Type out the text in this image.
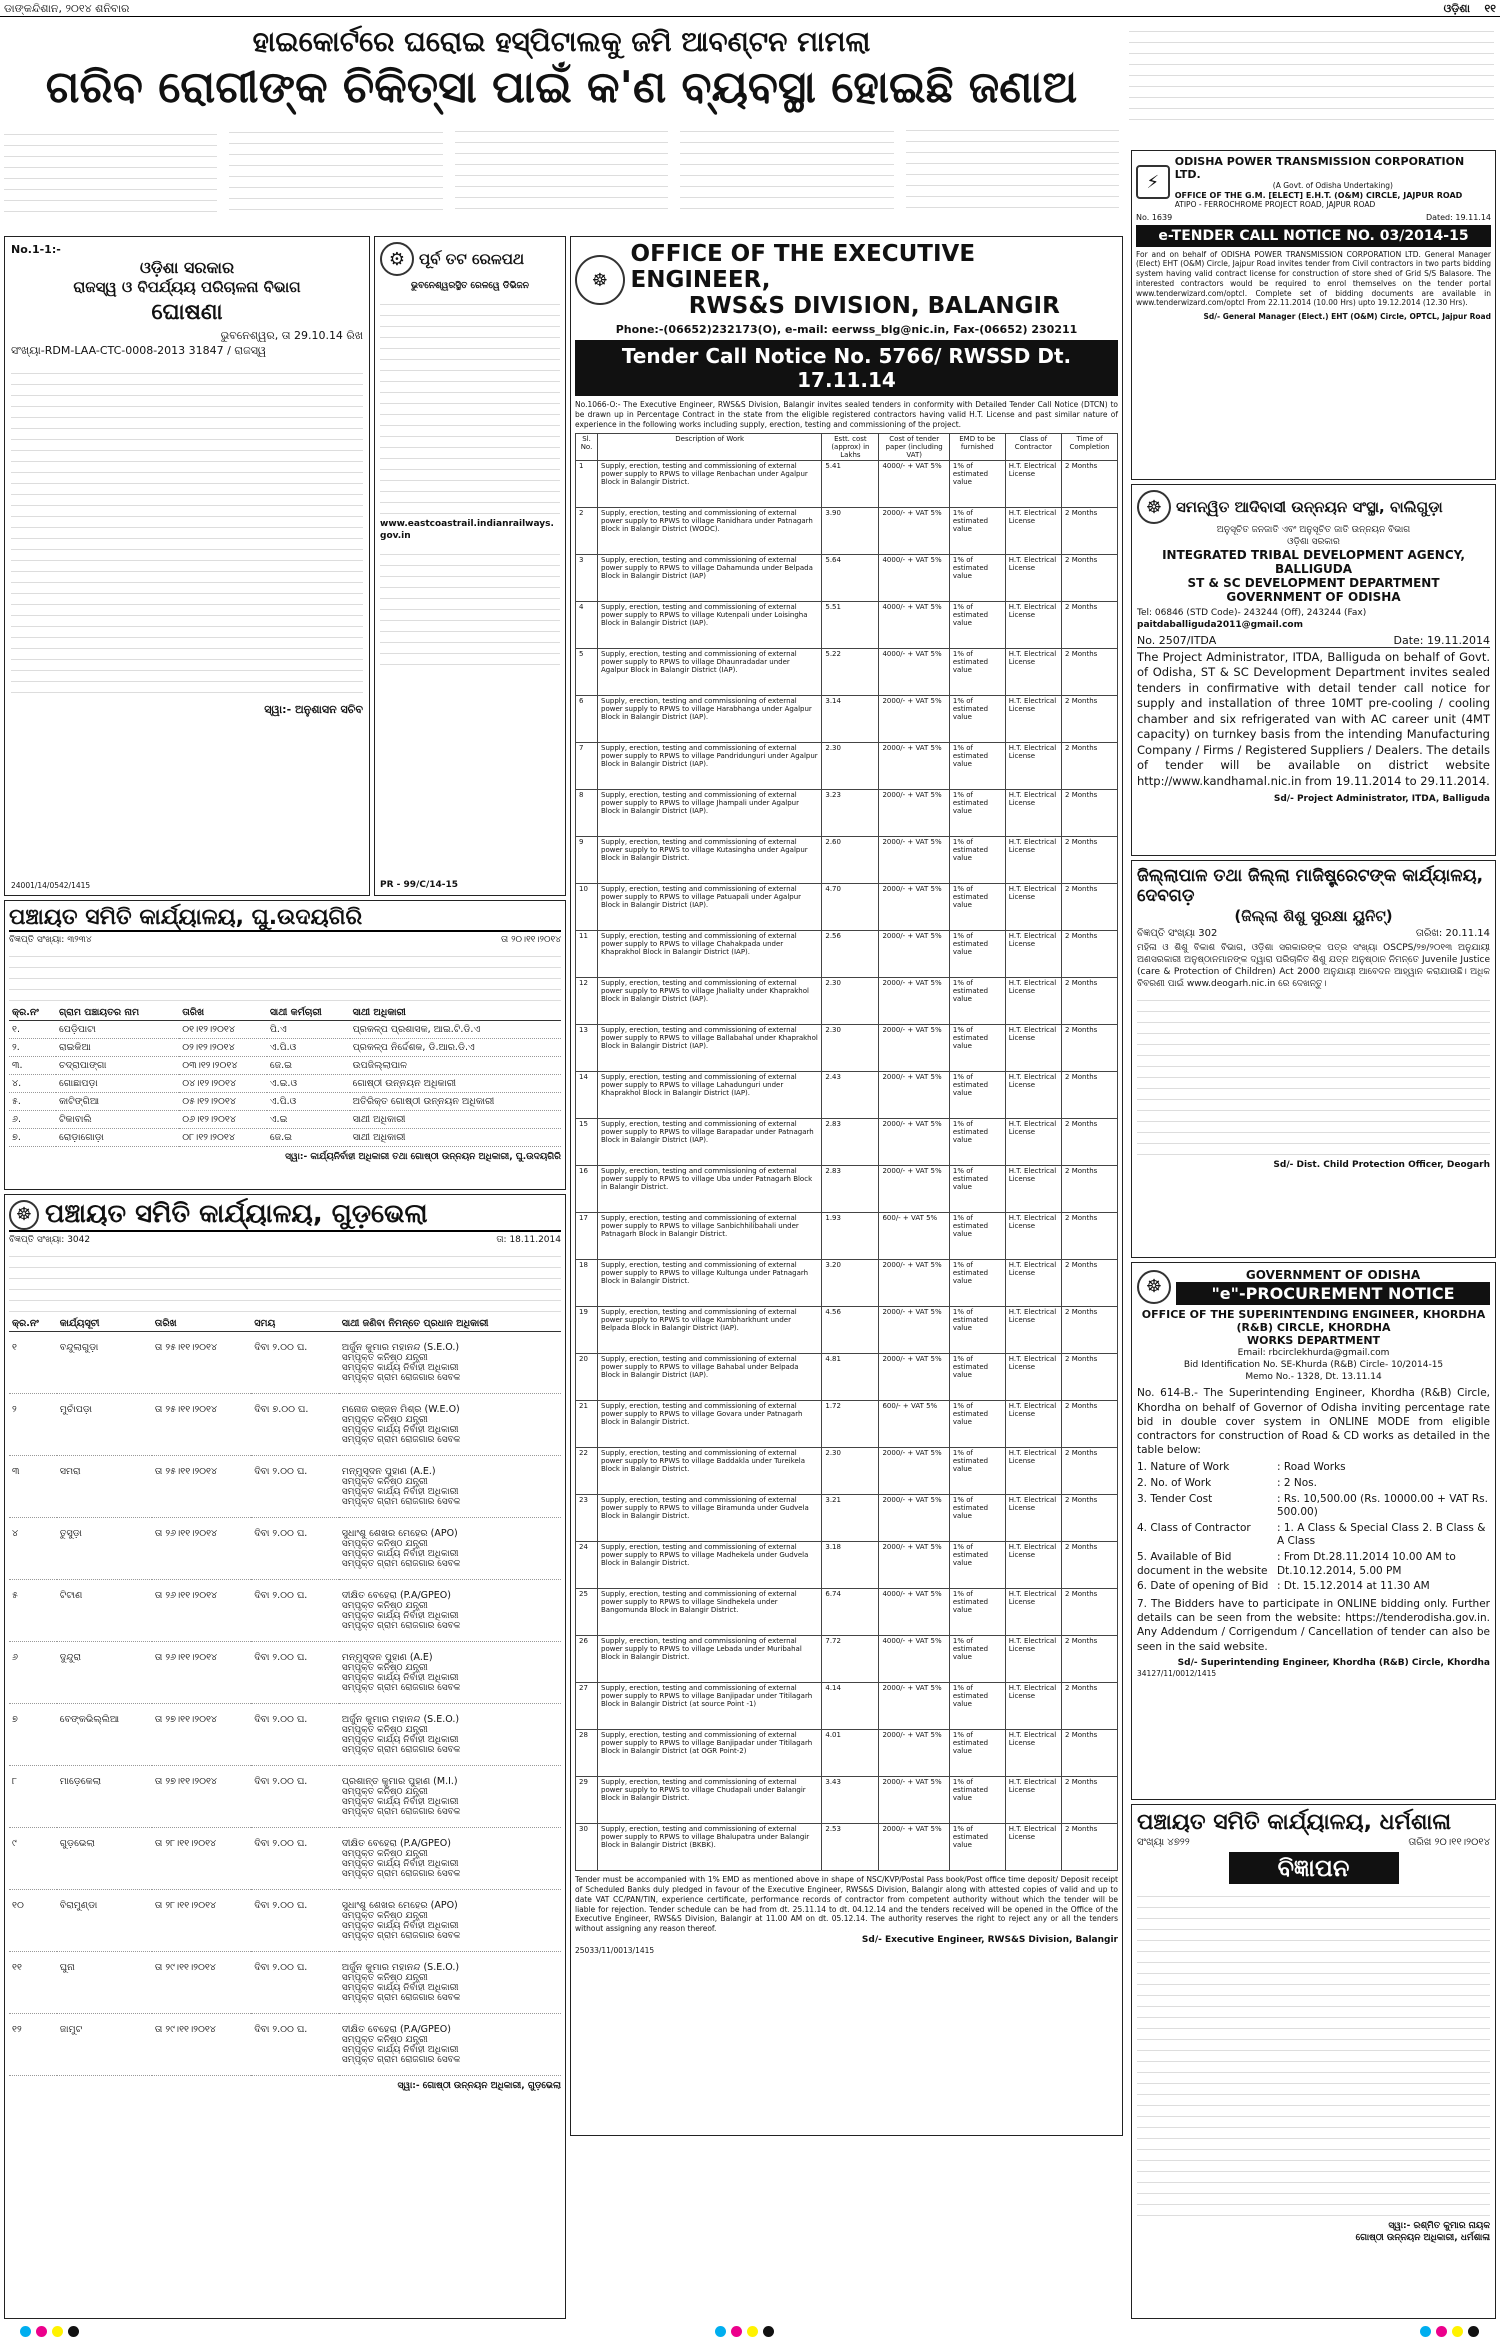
ଡାଙ୍କନ୍ଦିଶାନ, ୨୦୧୪ ଶନିବାର	ଓଡ଼ିଶା ୧୧
ହାଇକୋର୍ଟରେ ଘରୋଇ ହସ୍ପିଟାଲକୁ ଜମି ଆବଣ୍ଟନ ମାମଲା
ଗରିବ ରୋଗୀଙ୍କ ଚିକିତ୍ସା ପାଇଁ କ'ଣ ବ୍ୟବସ୍ଥା ହୋଇଛି ଜଣାଅ
No.1-1:-
ଓଡ଼ିଶା ସରକାର
ରାଜସ୍ୱ ଓ ବିପର୍ଯ୍ୟୟ ପରିଚାଳନା ବିଭାଗ
ଘୋଷଣା
ଭୁବନେଶ୍ୱର, ତା 29.10.14 ରିଖ
ସଂଖ୍ୟା-RDM-LAA-CTC-0008-2013 31847 / ରାଜସ୍ୱ
ସ୍ୱା:- ଅନୁଶାସନ ସଚିବ
24001/14/0542/1415
⚙ ପୂର୍ବ ତଟ ରେଳପଥ
ଭୁବନେଶ୍ୱରସ୍ଥିତ ରେଳୱେ ଡିଭିଜନ
www.eastcoastrail.indianrailways.gov.in
PR - 99/C/14-15
☸
OFFICE OF THE EXECUTIVE ENGINEER,
RWS&S DIVISION, BALANGIR
Phone:-(06652)232173(O), e-mail: eerwss_blg@nic.in, Fax-(06652) 230211
Tender Call Notice No. 5766/ RWSSD Dt. 17.11.14
No.1066-O:- The Executive Engineer, RWS&S Division, Balangir invites sealed tenders in conformity with Detailed Tender Call Notice (DTCN) to be drawn up in Percentage Contract in the state from the eligible registered contractors having valid H.T. License and past similar nature of experience in the following works including supply, erection, testing and commissioning of the project.
Sl. No.	Description of Work	Estt. cost (approx) in Lakhs	Cost of tender paper (including VAT)	EMD to be furnished	Class of Contractor	Time of Completion
1	Supply, erection, testing and commissioning of external power supply to RPWS to village Renbachan under Agalpur Block in Balangir District.	5.41	4000/- + VAT 5%	1% of estimated value	H.T. Electrical License	2 Months
2	Supply, erection, testing and commissioning of external power supply to RPWS to village Ranidhara under Patnagarh Block in Balangir District (WODC).	3.90	2000/- + VAT 5%	1% of estimated value	H.T. Electrical License	2 Months
3	Supply, erection, testing and commissioning of external power supply to RPWS to village Dahamunda under Belpada Block in Balangir District (IAP)	5.64	4000/- + VAT 5%	1% of estimated value	H.T. Electrical License	2 Months
4	Supply, erection, testing and commissioning of external power supply to RPWS to village Kutenpali under Loisingha Block in Balangir District (IAP).	5.51	4000/- + VAT 5%	1% of estimated value	H.T. Electrical License	2 Months
5	Supply, erection, testing and commissioning of external power supply to RPWS to village Dhaunradadar under Agalpur Block in Balangir District (IAP).	5.22	4000/- + VAT 5%	1% of estimated value	H.T. Electrical License	2 Months
6	Supply, erection, testing and commissioning of external power supply to RPWS to village Harabhanga under Agalpur Block in Balangir District (IAP).	3.14	2000/- + VAT 5%	1% of estimated value	H.T. Electrical License	2 Months
7	Supply, erection, testing and commissioning of external power supply to RPWS to village Pandridunguri under Agalpur Block in Balangir District (IAP).	2.30	2000/- + VAT 5%	1% of estimated value	H.T. Electrical License	2 Months
8	Supply, erection, testing and commissioning of external power supply to RPWS to village Jhampali under Agalpur Block in Balangir District (IAP).	3.23	2000/- + VAT 5%	1% of estimated value	H.T. Electrical License	2 Months
9	Supply, erection, testing and commissioning of external power supply to RPWS to village Kutasingha under Agalpur Block in Balangir District.	2.60	2000/- + VAT 5%	1% of estimated value	H.T. Electrical License	2 Months
10	Supply, erection, testing and commissioning of external power supply to RPWS to village Patuapali under Agalpur Block in Balangir District (IAP).	4.70	2000/- + VAT 5%	1% of estimated value	H.T. Electrical License	2 Months
11	Supply, erection, testing and commissioning of external power supply to RPWS to village Chahakpada under Khaprakhol Block in Balangir District (IAP).	2.56	2000/- + VAT 5%	1% of estimated value	H.T. Electrical License	2 Months
12	Supply, erection, testing and commissioning of external power supply to RPWS to village Jhalialty under Khaprakhol Block in Balangir District (IAP).	2.30	2000/- + VAT 5%	1% of estimated value	H.T. Electrical License	2 Months
13	Supply, erection, testing and commissioning of external power supply to RPWS to village Ballabahal under Khaprakhol Block in Balangir District (IAP).	2.30	2000/- + VAT 5%	1% of estimated value	H.T. Electrical License	2 Months
14	Supply, erection, testing and commissioning of external power supply to RPWS to village Lahadunguri under Khaprakhol Block in Balangir District (IAP).	2.43	2000/- + VAT 5%	1% of estimated value	H.T. Electrical License	2 Months
15	Supply, erection, testing and commissioning of external power supply to RPWS to village Barapadar under Patnagarh Block in Balangir District (IAP).	2.83	2000/- + VAT 5%	1% of estimated value	H.T. Electrical License	2 Months
16	Supply, erection, testing and commissioning of external power supply to RPWS to village Uba under Patnagarh Block in Balangir District.	2.83	2000/- + VAT 5%	1% of estimated value	H.T. Electrical License	2 Months
17	Supply, erection, testing and commissioning of external power supply to RPWS to village Sanbichhilibahali under Patnagarh Block in Balangir District.	1.93	600/- + VAT 5%	1% of estimated value	H.T. Electrical License	2 Months
18	Supply, erection, testing and commissioning of external power supply to RPWS to village Kultunga under Patnagarh Block in Balangir District.	3.20	2000/- + VAT 5%	1% of estimated value	H.T. Electrical License	2 Months
19	Supply, erection, testing and commissioning of external power supply to RPWS to village Kumbharkhunt under Belpada Block in Balangir District (IAP).	4.56	2000/- + VAT 5%	1% of estimated value	H.T. Electrical License	2 Months
20	Supply, erection, testing and commissioning of external power supply to RPWS to village Bahabal under Belpada Block in Balangir District (IAP).	4.81	2000/- + VAT 5%	1% of estimated value	H.T. Electrical License	2 Months
21	Supply, erection, testing and commissioning of external power supply to RPWS to village Govara under Patnagarh Block in Balangir District.	1.72	600/- + VAT 5%	1% of estimated value	H.T. Electrical License	2 Months
22	Supply, erection, testing and commissioning of external power supply to RPWS to village Baddakla under Tureikela Block in Balangir District.	2.30	2000/- + VAT 5%	1% of estimated value	H.T. Electrical License	2 Months
23	Supply, erection, testing and commissioning of external power supply to RPWS to village Biramunda under Gudvela Block in Balangir District.	3.21	2000/- + VAT 5%	1% of estimated value	H.T. Electrical License	2 Months
24	Supply, erection, testing and commissioning of external power supply to RPWS to village Madhekela under Gudvela Block in Balangir District.	3.18	2000/- + VAT 5%	1% of estimated value	H.T. Electrical License	2 Months
25	Supply, erection, testing and commissioning of external power supply to RPWS to village Sindhekela under Bangomunda Block in Balangir District.	6.74	4000/- + VAT 5%	1% of estimated value	H.T. Electrical License	2 Months
26	Supply, erection, testing and commissioning of external power supply to RPWS to village Lebada under Muribahal Block in Balangir District.	7.72	4000/- + VAT 5%	1% of estimated value	H.T. Electrical License	2 Months
27	Supply, erection, testing and commissioning of external power supply to RPWS to village Banjipadar under Titilagarh Block in Balangir District (at source Point -1)	4.14	2000/- + VAT 5%	1% of estimated value	H.T. Electrical License	2 Months
28	Supply, erection, testing and commissioning of external power supply to RPWS to village Banjipadar under Titilagarh Block in Balangir District (at OGR Point-2)	4.01	2000/- + VAT 5%	1% of estimated value	H.T. Electrical License	2 Months
29	Supply, erection, testing and commissioning of external power supply to RPWS to village Chudapali under Balangir Block in Balangir District.	3.43	2000/- + VAT 5%	1% of estimated value	H.T. Electrical License	2 Months
30	Supply, erection, testing and commissioning of external power supply to RPWS to village Bhalupatra under Balangir Block in Balangir District (BKBK).	2.53	2000/- + VAT 5%	1% of estimated value	H.T. Electrical License	2 Months
Tender must be accompanied with 1% EMD as mentioned above in shape of NSC/KVP/Postal Pass book/Post office time deposit/ Deposit receipt of Scheduled Banks duly pledged in favour of the Executive Engineer, RWS&S Division, Balangir along with attested copies of valid and up to date VAT CC/PAN/TIN, experience certificate, performance records of contractor from competent authority without which the tender will be liable for rejection. Tender schedule can be had from dt. 25.11.14 to dt. 04.12.14 and the tenders received will be opened in the Office of the Executive Engineer, RWS&S Division, Balangir at 11.00 AM on dt. 05.12.14. The authority reserves the right to reject any or all the tenders without assigning any reason thereof.
Sd/- Executive Engineer, RWS&S Division, Balangir
25033/11/0013/1415
ପଞ୍ଚାୟତ ସମିତି କାର୍ଯ୍ୟାଳୟ, ଘୁ.ଉଦୟଗିରି
ବିଜ୍ଞପ୍ତି ସଂଖ୍ୟା: ୩୨୩୪	ତା ୨୦।୧୧।୨୦୧୪
କ୍ର.ନଂ	ଗ୍ରାମ ପଞ୍ଚାୟତର ନାମ	ତାରିଖ	ସାଥୀ କର୍ମଚାରୀ	ସାଥୀ ଅଧିକାରୀ
୧.	ପେଡ଼ିପାଟା	୦୧।୧୨।୨୦୧୪	ପି.ଏ	ପ୍ରକଳ୍ପ ପ୍ରଶାସକ, ଆଇ.ଟି.ଡି.ଏ
୨.	ରାଇକିଆ	୦୨।୧୨।୨୦୧୪	ଏ.ପି.ଓ	ପ୍ରକଳ୍ପ ନିର୍ଦ୍ଦେଶକ, ଡି.ଆର.ଡି.ଏ
୩.	ଚଦ୍ରାପାଙ୍ଗା	୦୩।୧୨।୨୦୧୪	ଜେ.ଇ	ଉପଜିଲ୍ଲାପାଳ
୪.	ଗୋଛାପଡ଼ା	୦୪।୧୨।୨୦୧୪	ଏ.ଇ.ଓ	ଗୋଷ୍ଠୀ ଉନ୍ନୟନ ଅଧିକାରୀ
୫.	କାଟିଙ୍ଗିଆ	୦୫।୧୨।୨୦୧୪	ଏ.ପି.ଓ	ଅତିରିକ୍ତ ଗୋଷ୍ଠୀ ଉନ୍ନୟନ ଅଧିକାରୀ
୬.	ଟିକାବାଲି	୦୬।୧୨।୨୦୧୪	ଏ.ଇ	ସାଥୀ ଅଧିକାରୀ
୭.	ରୋଡ଼ାଗୋଡ଼ା	୦୮।୧୨।୨୦୧୪	ଜେ.ଇ	ସାଥୀ ଅଧିକାରୀ
ସ୍ୱା:- କାର୍ଯ୍ୟନିର୍ବାହୀ ଅଧିକାରୀ ତଥା ଗୋଷ୍ଠୀ ଉନ୍ନୟନ ଅଧିକାରୀ, ଘୁ.ଉଦୟଗିରି
☸ ପଞ୍ଚାୟତ ସମିତି କାର୍ଯ୍ୟାଳୟ, ଗୁଡ଼ଭେଲା
ବିଜ୍ଞପ୍ତି ସଂଖ୍ୟା: 3042	ତା: 18.11.2014
କ୍ର.ନଂ	କାର୍ଯ୍ୟସୂଚୀ	ତାରିଖ	ସମୟ	ସାଥୀ ଜଣିବା ନିମନ୍ତେ ପ୍ରଧାନ ଅଧିକାରୀ
୧	ବନ୍ଦୁଲାଗୁଡ଼ା	ତା ୨୫।୧୧।୨୦୧୪	ଦିବା ୨.୦୦ ଘ.	ଅର୍ଜୁନ କୁମାର ମହାନନ୍ଦ (S.E.O.)
ସମ୍ପୃକ୍ତ କନିଷ୍ଠ ଯନ୍ତ୍ରୀ
ସମ୍ପୃକ୍ତ କାର୍ଯ୍ୟ ନିର୍ବାହୀ ଅଧିକାରୀ
ସମ୍ପୃକ୍ତ ଗ୍ରାମ ରୋଜଗାର ସେବକ

୨	ମୁଚାଁପଡ଼ା	ତା ୨୫।୧୧।୨୦୧୪	ଦିବା ୭.୦୦ ଘ.	ମନୋଜ ରଞ୍ଜନ ମିଶ୍ର (W.E.O)
ସମ୍ପୃକ୍ତ କନିଷ୍ଠ ଯନ୍ତ୍ରୀ
ସମ୍ପୃକ୍ତ କାର୍ଯ୍ୟ ନିର୍ବାହୀ ଅଧିକାରୀ
ସମ୍ପୃକ୍ତ ଗ୍ରାମ ରୋଜଗାର ସେବକ

୩	ସମରା	ତା ୨୫।୧୧।୨୦୧୪	ଦିବା ୨.୦୦ ଘ.	ମନ୍ମୁସୂଦନ ପୁହାଣ (A.E.)
ସମ୍ପୃକ୍ତ କନିଷ୍ଠ ଯନ୍ତ୍ରୀ
ସମ୍ପୃକ୍ତ କାର୍ଯ୍ୟ ନିର୍ବାହୀ ଅଧିକାରୀ
ସମ୍ପୃକ୍ତ ଗ୍ରାମ ରୋଜଗାର ସେବକ

୪	ତୁସୁଡ଼ା	ତା ୨୬।୧୧।୨୦୧୪	ଦିବା ୨.୦୦ ଘ.	ସୁଧାଂଶୁ ଶେଖର ମେହେର (APO)
ସମ୍ପୃକ୍ତ କନିଷ୍ଠ ଯନ୍ତ୍ରୀ
ସମ୍ପୃକ୍ତ କାର୍ଯ୍ୟ ନିର୍ବାହୀ ଅଧିକାରୀ
ସମ୍ପୃକ୍ତ ଗ୍ରାମ ରୋଜଗାର ସେବକ

୫	ଟିଟାଣ	ତା ୨୬।୧୧।୨୦୧୪	ଦିବା ୨.୦୦ ଘ.	ଦୀକ୍ଷିତ ବେହେରା (P.A/GPEO)
ସମ୍ପୃକ୍ତ କନିଷ୍ଠ ଯନ୍ତ୍ରୀ
ସମ୍ପୃକ୍ତ କାର୍ଯ୍ୟ ନିର୍ବାହୀ ଅଧିକାରୀ
ସମ୍ପୃକ୍ତ ଗ୍ରାମ ରୋଜଗାର ସେବକ

୬	ଦୁନ୍ଦୁରା	ତା ୨୬।୧୧।୨୦୧୪	ଦିବା ୨.୦୦ ଘ.	ମନ୍ମୁସୂଦନ ପୁହାଣ (A.E)
ସମ୍ପୃକ୍ତ କନିଷ୍ଠ ଯନ୍ତ୍ରୀ
ସମ୍ପୃକ୍ତ କାର୍ଯ୍ୟ ନିର୍ବାହୀ ଅଧିକାରୀ
ସମ୍ପୃକ୍ତ ଗ୍ରାମ ରୋଜଗାର ସେବକ

୭	ବେଙ୍କଭିଲ୍ଲିଆ	ତା ୨୭।୧୧।୨୦୧୪	ଦିବା ୨.୦୦ ଘ.	ଅର୍ଜୁନ କୁମାର ମହାନନ୍ଦ (S.E.O.)
ସମ୍ପୃକ୍ତ କନିଷ୍ଠ ଯନ୍ତ୍ରୀ
ସମ୍ପୃକ୍ତ କାର୍ଯ୍ୟ ନିର୍ବାହୀ ଅଧିକାରୀ
ସମ୍ପୃକ୍ତ ଗ୍ରାମ ରୋଜଗାର ସେବକ

୮	ମାଡ଼େକେଲା	ତା ୨୭।୧୧।୨୦୧୪	ଦିବା ୨.୦୦ ଘ.	ପ୍ରଶାନ୍ତ କୁମାର ପୁହାଣ (M.I.)
ସମ୍ପୃକ୍ତ କନିଷ୍ଠ ଯନ୍ତ୍ରୀ
ସମ୍ପୃକ୍ତ କାର୍ଯ୍ୟ ନିର୍ବାହୀ ଅଧିକାରୀ
ସମ୍ପୃକ୍ତ ଗ୍ରାମ ରୋଜଗାର ସେବକ

୯	ଗୁଡ଼ଭେଲା	ତା ୨୮।୧୧।୨୦୧୪	ଦିବା ୨.୦୦ ଘ.	ଦୀକ୍ଷିତ ବେହେରା (P.A/GPEO)
ସମ୍ପୃକ୍ତ କନିଷ୍ଠ ଯନ୍ତ୍ରୀ
ସମ୍ପୃକ୍ତ କାର୍ଯ୍ୟ ନିର୍ବାହୀ ଅଧିକାରୀ
ସମ୍ପୃକ୍ତ ଗ୍ରାମ ରୋଜଗାର ସେବକ

୧୦	ବିରାମୁଣ୍ଡା	ତା ୨୮।୧୧।୨୦୧୪	ଦିବା ୨.୦୦ ଘ.	ସୁଧାଂଶୁ ଶେଖର ମେହେର (APO)
ସମ୍ପୃକ୍ତ କନିଷ୍ଠ ଯନ୍ତ୍ରୀ
ସମ୍ପୃକ୍ତ କାର୍ଯ୍ୟ ନିର୍ବାହୀ ଅଧିକାରୀ
ସମ୍ପୃକ୍ତ ଗ୍ରାମ ରୋଜଗାର ସେବକ

୧୧	ଘୁନା	ତା ୨୯।୧୧।୨୦୧୪	ଦିବା ୨.୦୦ ଘ.	ଅର୍ଜୁନ କୁମାର ମହାନନ୍ଦ (S.E.O.)
ସମ୍ପୃକ୍ତ କନିଷ୍ଠ ଯନ୍ତ୍ରୀ
ସମ୍ପୃକ୍ତ କାର୍ଯ୍ୟ ନିର୍ବାହୀ ଅଧିକାରୀ
ସମ୍ପୃକ୍ତ ଗ୍ରାମ ରୋଜଗାର ସେବକ

୧୨	ଜାମୁଟ	ତା ୨୯।୧୧।୨୦୧୪	ଦିବା ୨.୦୦ ଘ.	ଦୀକ୍ଷିତ ବେହେରା (P.A/GPEO)
ସମ୍ପୃକ୍ତ କନିଷ୍ଠ ଯନ୍ତ୍ରୀ
ସମ୍ପୃକ୍ତ କାର୍ଯ୍ୟ ନିର୍ବାହୀ ଅଧିକାରୀ
ସମ୍ପୃକ୍ତ ଗ୍ରାମ ରୋଜଗାର ସେବକ
ସ୍ୱା:- ଗୋଷ୍ଠୀ ଉନ୍ନୟନ ଅଧିକାରୀ, ଗୁଡ଼ଭେଲା
⚡
ODISHA POWER TRANSMISSION CORPORATION LTD.
(A Govt. of Odisha Undertaking)
OFFICE OF THE G.M. [ELECT] E.H.T. (O&M) CIRCLE, JAJPUR ROAD
ATIPO - FERROCHROME PROJECT ROAD, JAJPUR ROAD
No. 1639	Dated: 19.11.14
e-TENDER CALL NOTICE NO. 03/2014-15
For and on behalf of ODISHA POWER TRANSMISSION CORPORATION LTD. General Manager (Elect) EHT (O&M) Circle, Jajpur Road invites tender from Civil contractors in two parts bidding system having valid contract license for construction of store shed of Grid S/S Balasore. The interested contractors would be required to enrol themselves on the tender portal www.tenderwizard.com/optcl. Complete set of bidding documents are available in www.tenderwizard.com/optcl From 22.11.2014 (10.00 Hrs) upto 19.12.2014 (12.30 Hrs).
Sd/- General Manager (Elect.) EHT (O&M) Circle, OPTCL, Jajpur Road
☸ ସମନ୍ୱିତ ଆଦିବାସୀ ଉନ୍ନୟନ ସଂସ୍ଥା, ବାଲିଗୁଡ଼ା
ଅନୁସୂଚିତ ଜନଜାତି ଏବଂ ଅନୁସୂଚିତ ଜାତି ଉନ୍ନୟନ ବିଭାଗ
ଓଡ଼ିଶା ସରକାର
INTEGRATED TRIBAL DEVELOPMENT AGENCY, BALLIGUDA
ST & SC DEVELOPMENT DEPARTMENT
GOVERNMENT OF ODISHA
Tel: 06846 (STD Code)- 243244 (Off), 243244 (Fax)
paitdaballiguda2011@gmail.com
No. 2507/ITDA	Date: 19.11.2014
The Project Administrator, ITDA, Balliguda on behalf of Govt. of Odisha, ST & SC Development Department invites sealed tenders in confirmative with detail tender call notice for supply and installation of three 10MT pre-cooling / cooling chamber and six refrigerated van with AC career unit (4MT capacity) on turnkey basis from the intending Manufacturing Company / Firms / Registered Suppliers / Dealers. The details of tender will be available on district website http://www.kandhamal.nic.in from 19.11.2014 to 29.11.2014.
Sd/- Project Administrator, ITDA, Balliguda
ଜିଲ୍ଲାପାଳ ତଥା ଜିଲ୍ଲା ମାଜିଷ୍ଟ୍ରେଟଙ୍କ କାର୍ଯ୍ୟାଳୟ, ଦେବଗଡ଼
(ଜିଲ୍ଲା ଶିଶୁ ସୁରକ୍ଷା ୟୁନିଟ୍)
ବିଜ୍ଞପ୍ତି ସଂଖ୍ୟା 302	ତାରିଖ: 20.11.14
ମହିଳା ଓ ଶିଶୁ ବିକାଶ ବିଭାଗ, ଓଡ଼ିଶା ସରକାରଙ୍କ ପତ୍ର ସଂଖ୍ୟା OSCPS/୨୭/୨୦୧୩ ଅନୁଯାୟୀ ଅଣସରକାରୀ ଅନୁଷ୍ଠାନମାନଙ୍କ ଦ୍ୱାରା ପରିଚାଳିତ ଶିଶୁ ଯତ୍ନ ଅନୁଷ୍ଠାନ ନିମନ୍ତେ Juvenile Justice (care & Protection of Children) Act 2000 ଅନୁଯାୟୀ ଆବେଦନ ଆହ୍ୱାନ କରାଯାଉଛି। ଅଧିକ ବିବରଣୀ ପାଇଁ www.deogarh.nic.in ରେ ଦେଖନ୍ତୁ।
Sd/- Dist. Child Protection Officer, Deogarh
☸
GOVERNMENT OF ODISHA
"e"-PROCUREMENT NOTICE
OFFICE OF THE SUPERINTENDING ENGINEER, KHORDHA (R&B) CIRCLE, KHORDHA
WORKS DEPARTMENT
Email: rbcirclekhurda@gmail.com
Bid Identification No. SE-Khurda (R&B) Circle- 10/2014-15
Memo No.- 1328, Dt. 13.11.14
No. 614-B.- The Superintending Engineer, Khordha (R&B) Circle, Khordha on behalf of Governor of Odisha inviting percentage rate bid in double cover system in ONLINE MODE from eligible contractors for construction of Road & CD works as detailed in the table below:
1. Nature of Work	: Road Works
2. No. of Work	: 2 Nos.
3. Tender Cost	: Rs. 10,500.00 (Rs. 10000.00 + VAT Rs. 500.00)
4. Class of Contractor	: 1. A Class & Special Class 2. B Class & A Class
5. Available of Bid document in the website
: From Dt.28.11.2014 10.00 AM to Dt.10.12.2014, 5.00 PM
6. Date of opening of Bid : Dt. 15.12.2014 at 11.30 AM
7. The Bidders have to participate in ONLINE bidding only. Further details can be seen from the website: https://tenderodisha.gov.in. Any Addendum / Corrigendum / Cancellation of tender can also be seen in the said website.
Sd/- Superintending Engineer, Khordha (R&B) Circle, Khordha
34127/11/0012/1415
ପଞ୍ଚାୟତ ସମିତି କାର୍ଯ୍ୟାଳୟ, ଧର୍ମଶାଳା
ସଂଖ୍ୟା ୪୭୨୨	ତାରିଖ ୨୦।୧୧।୨୦୧୪
ବିଜ୍ଞାପନ
ସ୍ୱା:- ରଶ୍ମିତ କୁମାର ନାୟକ
ଗୋଷ୍ଠୀ ଉନ୍ନୟନ ଅଧିକାରୀ, ଧର୍ମଶାଳା
